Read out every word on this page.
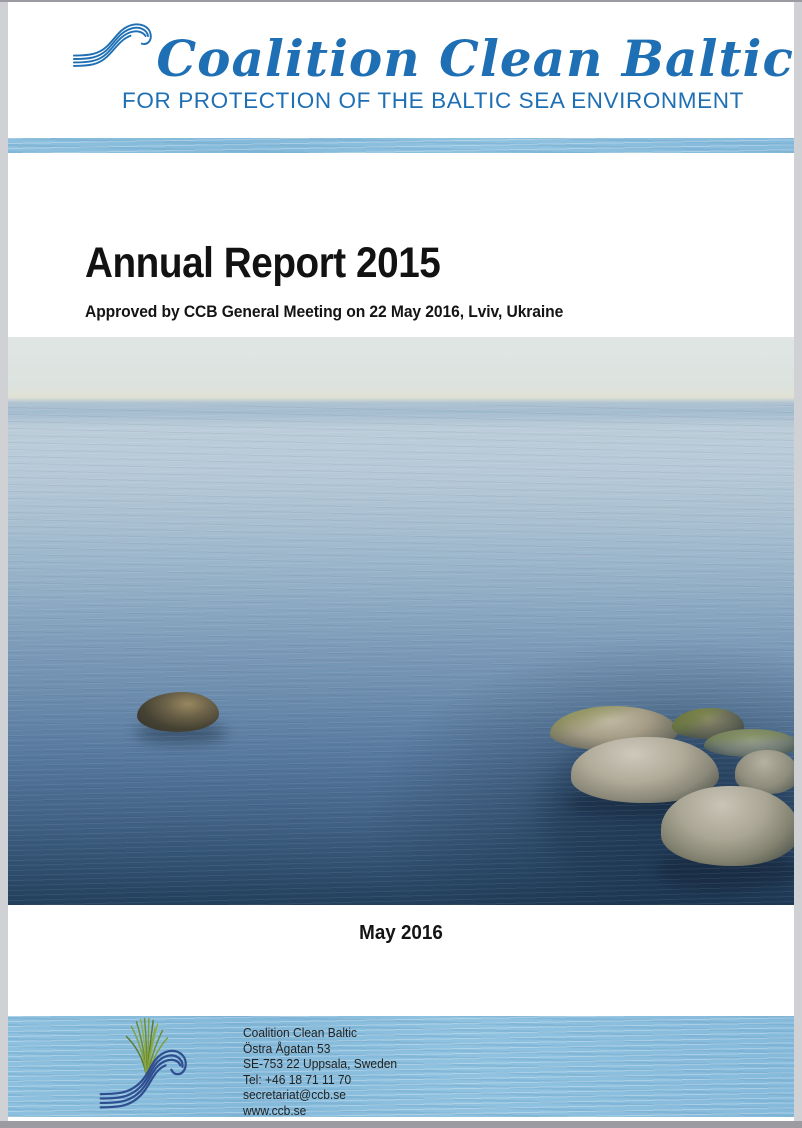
Coalition Clean Baltic
FOR PROTECTION OF THE BALTIC SEA ENVIRONMENT
Annual Report 2015

Approved by CCB General Meeting on 22 May 2016, Lviv, Ukraine

May 2016
Coalition Clean Baltic
Östra Ågatan 53
SE-753 22 Uppsala, Sweden
Tel: +46 18 71 11 70
secretariat@ccb.se
www.ccb.se
